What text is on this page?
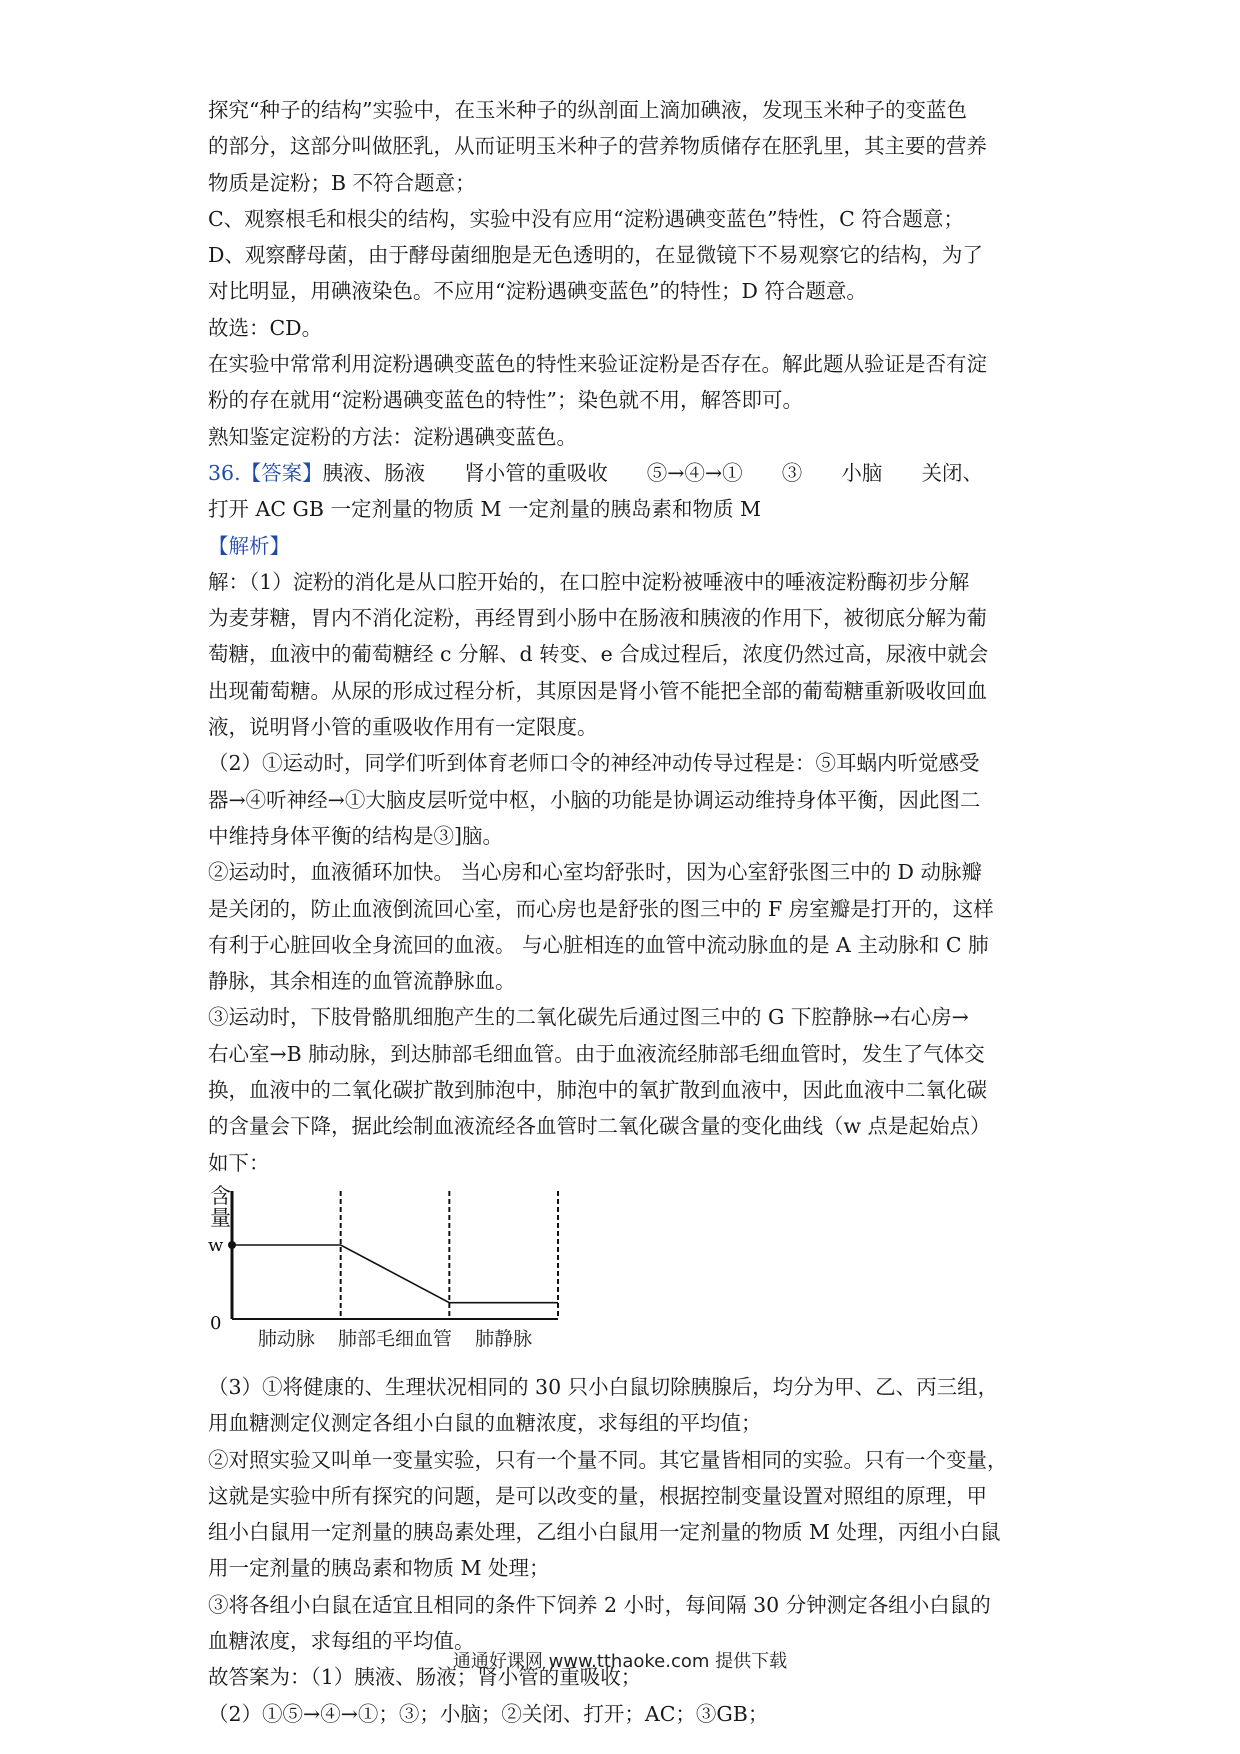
探究“种子的结构”实验中，在玉米种子的纵剖面上滴加碘液，发现玉米种子的变蓝色
的部分，这部分叫做胚乳，从而证明玉米种子的营养物质储存在胚乳里，其主要的营养
物质是淀粉；B 不符合题意；
C、观察根毛和根尖的结构，实验中没有应用“淀粉遇碘变蓝色”特性，C 符合题意；
D、观察酵母菌，由于酵母菌细胞是无色透明的，在显微镜下不易观察它的结构，为了
对比明显，用碘液染色。不应用“淀粉遇碘变蓝色”的特性；D 符合题意。
故选：CD。
在实验中常常利用淀粉遇碘变蓝色的特性来验证淀粉是否存在。解此题从验证是否有淀
粉的存在就用“淀粉遇碘变蓝色的特性”；染色就不用，解答即可。
熟知鉴定淀粉的方法：淀粉遇碘变蓝色。
36. 【答案】 胰液、肠液      肾小管的重吸收      ⑤→④→①      ③      小脑      关闭、
打开 AC GB 一定剂量的物质 M 一定剂量的胰岛素和物质 M
【解析】
解：（1）淀粉的消化是从口腔开始的，在口腔中淀粉被唾液中的唾液淀粉酶初步分解
为麦芽糖，胃内不消化淀粉，再经胃到小肠中在肠液和胰液的作用下，被彻底分解为葡
萄糖，血液中的葡萄糖经 c 分解、d 转变、e 合成过程后，浓度仍然过高，尿液中就会
出现葡萄糖。从尿的形成过程分析，其原因是肾小管不能把全部的葡萄糖重新吸收回血
液，说明肾小管的重吸收作用有一定限度。
（2）①运动时，同学们听到体育老师口令的神经冲动传导过程是：⑤耳蜗内听觉感受
器→④听神经→①大脑皮层听觉中枢，小脑的功能是协调运动维持身体平衡，因此图二
中维持身体平衡的结构是③]脑。
②运动时，血液循环加快。 当心房和心室均舒张时，因为心室舒张图三中的 D 动脉瓣
是关闭的，防止血液倒流回心室，而心房也是舒张的图三中的 F 房室瓣是打开的，这样
有利于心脏回收全身流回的血液。 与心脏相连的血管中流动脉血的是 A 主动脉和 C 肺
静脉，其余相连的血管流静脉血。
③运动时，下肢骨骼肌细胞产生的二氧化碳先后通过图三中的 G 下腔静脉→右心房→
右心室→B 肺动脉，到达肺部毛细血管。由于血液流经肺部毛细血管时，发生了气体交
换，血液中的二氧化碳扩散到肺泡中，肺泡中的氧扩散到血液中，因此血液中二氧化碳
的含量会下降，据此绘制血液流经各血管时二氧化碳含量的变化曲线（w 点是起始点）
如下：
含
量
w
0
肺动脉 肺部毛细血管 肺静脉
（3）①将健康的、生理状况相同的 30 只小白鼠切除胰腺后，均分为甲、乙、丙三组，
用血糖测定仪测定各组小白鼠的血糖浓度，求每组的平均值；
②对照实验又叫单一变量实验，只有一个量不同。其它量皆相同的实验。只有一个变量，
这就是实验中所有探究的问题，是可以改变的量，根据控制变量设置对照组的原理，甲
组小白鼠用一定剂量的胰岛素处理，乙组小白鼠用一定剂量的物质 M 处理，丙组小白鼠
用一定剂量的胰岛素和物质 M 处理；
③将各组小白鼠在适宜且相同的条件下饲养 2 小时，每间隔 30 分钟测定各组小白鼠的
血糖浓度，求每组的平均值。
故答案为：（1）胰液、肠液；肾小管的重吸收；
（2）①⑤→④→①；③；小脑；②关闭、打开；AC；③GB；
通通好课网 www.tthaoke.com 提供下载
